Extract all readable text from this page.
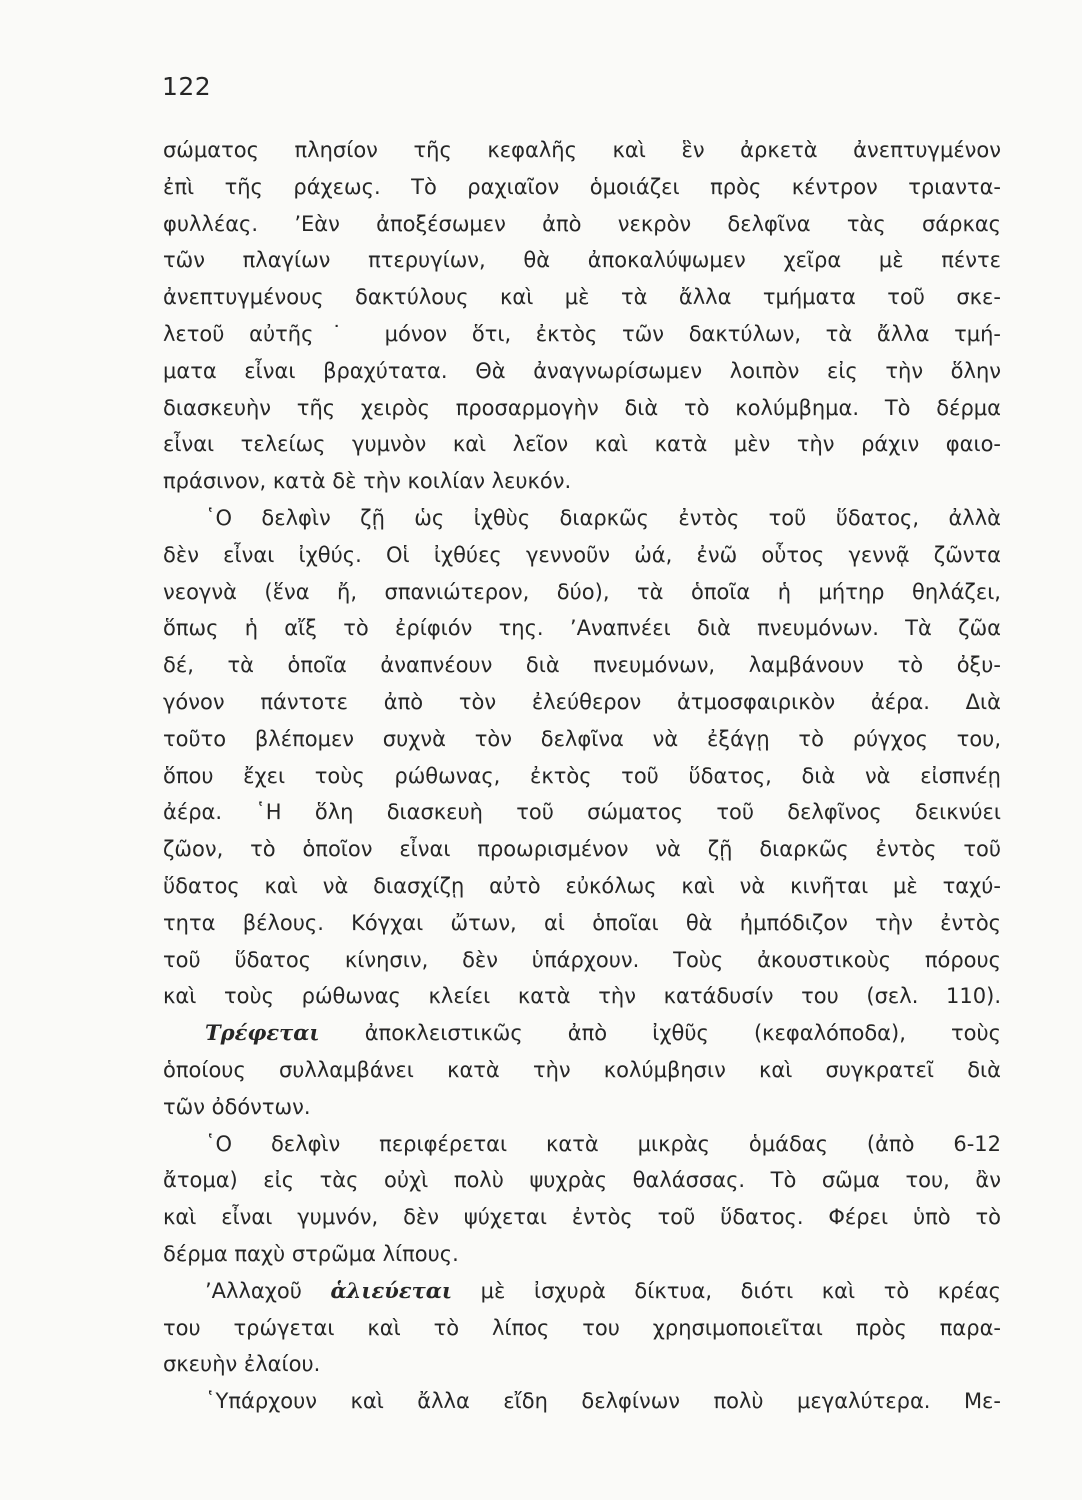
122
σώματος πλησίον τῆς κεφαλῆς καὶ ἓν ἀρκετὰ ἀνεπτυγμένον
ἐπὶ τῆς ράχεως. Τὸ ραχιαῖον ὁμοιάζει πρὸς κέντρον τριαντα-
φυλλέας. ’Εὰν ἀποξέσωμεν ἀπὸ νεκρὸν δελφῖνα τὰς σάρκας
τῶν πλαγίων πτερυγίων, θὰ ἀποκαλύψωμεν χεῖρα μὲ πέντε
ἀνεπτυγμένους δακτύλους καὶ μὲ τὰ ἄλλα τμήματα τοῦ σκε-
λετοῦ αὐτῆς˙ μόνον ὅτι, ἐκτὸς τῶν δακτύλων, τὰ ἄλλα τμή-
ματα εἶναι βραχύτατα. Θὰ ἀναγνωρίσωμεν λοιπὸν εἰς τὴν ὅλην
διασκευὴν τῆς χειρὸς προσαρμογὴν διὰ τὸ κολύμβημα. Τὸ δέρμα
εἶναι τελείως γυμνὸν καὶ λεῖον καὶ κατὰ μὲν τὴν ράχιν φαιο-
πράσινον, κατὰ δὲ τὴν κοιλίαν λευκόν.
῾Ο δελφὶν ζῇ ὡς ἰχθὺς διαρκῶς ἐντὸς τοῦ ὕδατος, ἀλλὰ
δὲν εἶναι ἰχθύς. Οἱ ἰχθύες γεννοῦν ὠά, ἐνῶ οὗτος γεννᾷ ζῶντα
νεογνὰ (ἕνα ἤ, σπανιώτερον, δύο), τὰ ὁποῖα ἡ μήτηρ θηλάζει,
ὅπως ἡ αἴξ τὸ ἐρίφιόν της. ’Αναπνέει διὰ πνευμόνων. Τὰ ζῶα
δέ, τὰ ὁποῖα ἀναπνέουν διὰ πνευμόνων, λαμβάνουν τὸ ὀξυ-
γόνον πάντοτε ἀπὸ τὸν ἐλεύθερον ἀτμοσφαιρικὸν ἀέρα. Διὰ
τοῦτο βλέπομεν συχνὰ τὸν δελφῖνα νὰ ἐξάγῃ τὸ ρύγχος του,
ὅπου ἔχει τοὺς ρώθωνας, ἐκτὸς τοῦ ὕδατος, διὰ νὰ εἰσπνέῃ
ἀέρα. ῾Η ὅλη διασκευὴ τοῦ σώματος τοῦ δελφῖνος δεικνύει
ζῶον, τὸ ὁποῖον εἶναι προωρισμένον νὰ ζῇ διαρκῶς ἐντὸς τοῦ
ὕδατος καὶ νὰ διασχίζῃ αὐτὸ εὐκόλως καὶ νὰ κινῆται μὲ ταχύ-
τητα βέλους. Κόγχαι ὤτων, αἱ ὁποῖαι θὰ ἠμπόδιζον τὴν ἐντὸς
τοῦ ὕδατος κίνησιν, δὲν ὑπάρχουν. Τοὺς ἀκουστικοὺς πόρους
καὶ τοὺς ρώθωνας κλείει κατὰ τὴν κατάδυσίν του (σελ. 110).
Τρέφεται ἀποκλειστικῶς ἀπὸ ἰχθῦς (κεφαλόποδα), τοὺς
ὁποίους συλλαμβάνει κατὰ τὴν κολύμβησιν καὶ συγκρατεῖ διὰ
τῶν ὀδόντων.
῾Ο δελφὶν περιφέρεται κατὰ μικρὰς ὁμάδας (ἀπὸ 6-12
ἄτομα) εἰς τὰς οὐχὶ πολὺ ψυχρὰς θαλάσσας. Τὸ σῶμα του, ἂν
καὶ εἶναι γυμνόν, δὲν ψύχεται ἐντὸς τοῦ ὕδατος. Φέρει ὑπὸ τὸ
δέρμα παχὺ στρῶμα λίπους.
’Αλλαχοῦ ἁλιεύεται μὲ ἰσχυρὰ δίκτυα, διότι καὶ τὸ κρέας
του τρώγεται καὶ τὸ λίπος του χρησιμοποιεῖται πρὸς παρα-
σκευὴν ἐλαίου.
῾Υπάρχουν καὶ ἄλλα εἴδη δελφίνων πολὺ μεγαλύτερα. Με-
